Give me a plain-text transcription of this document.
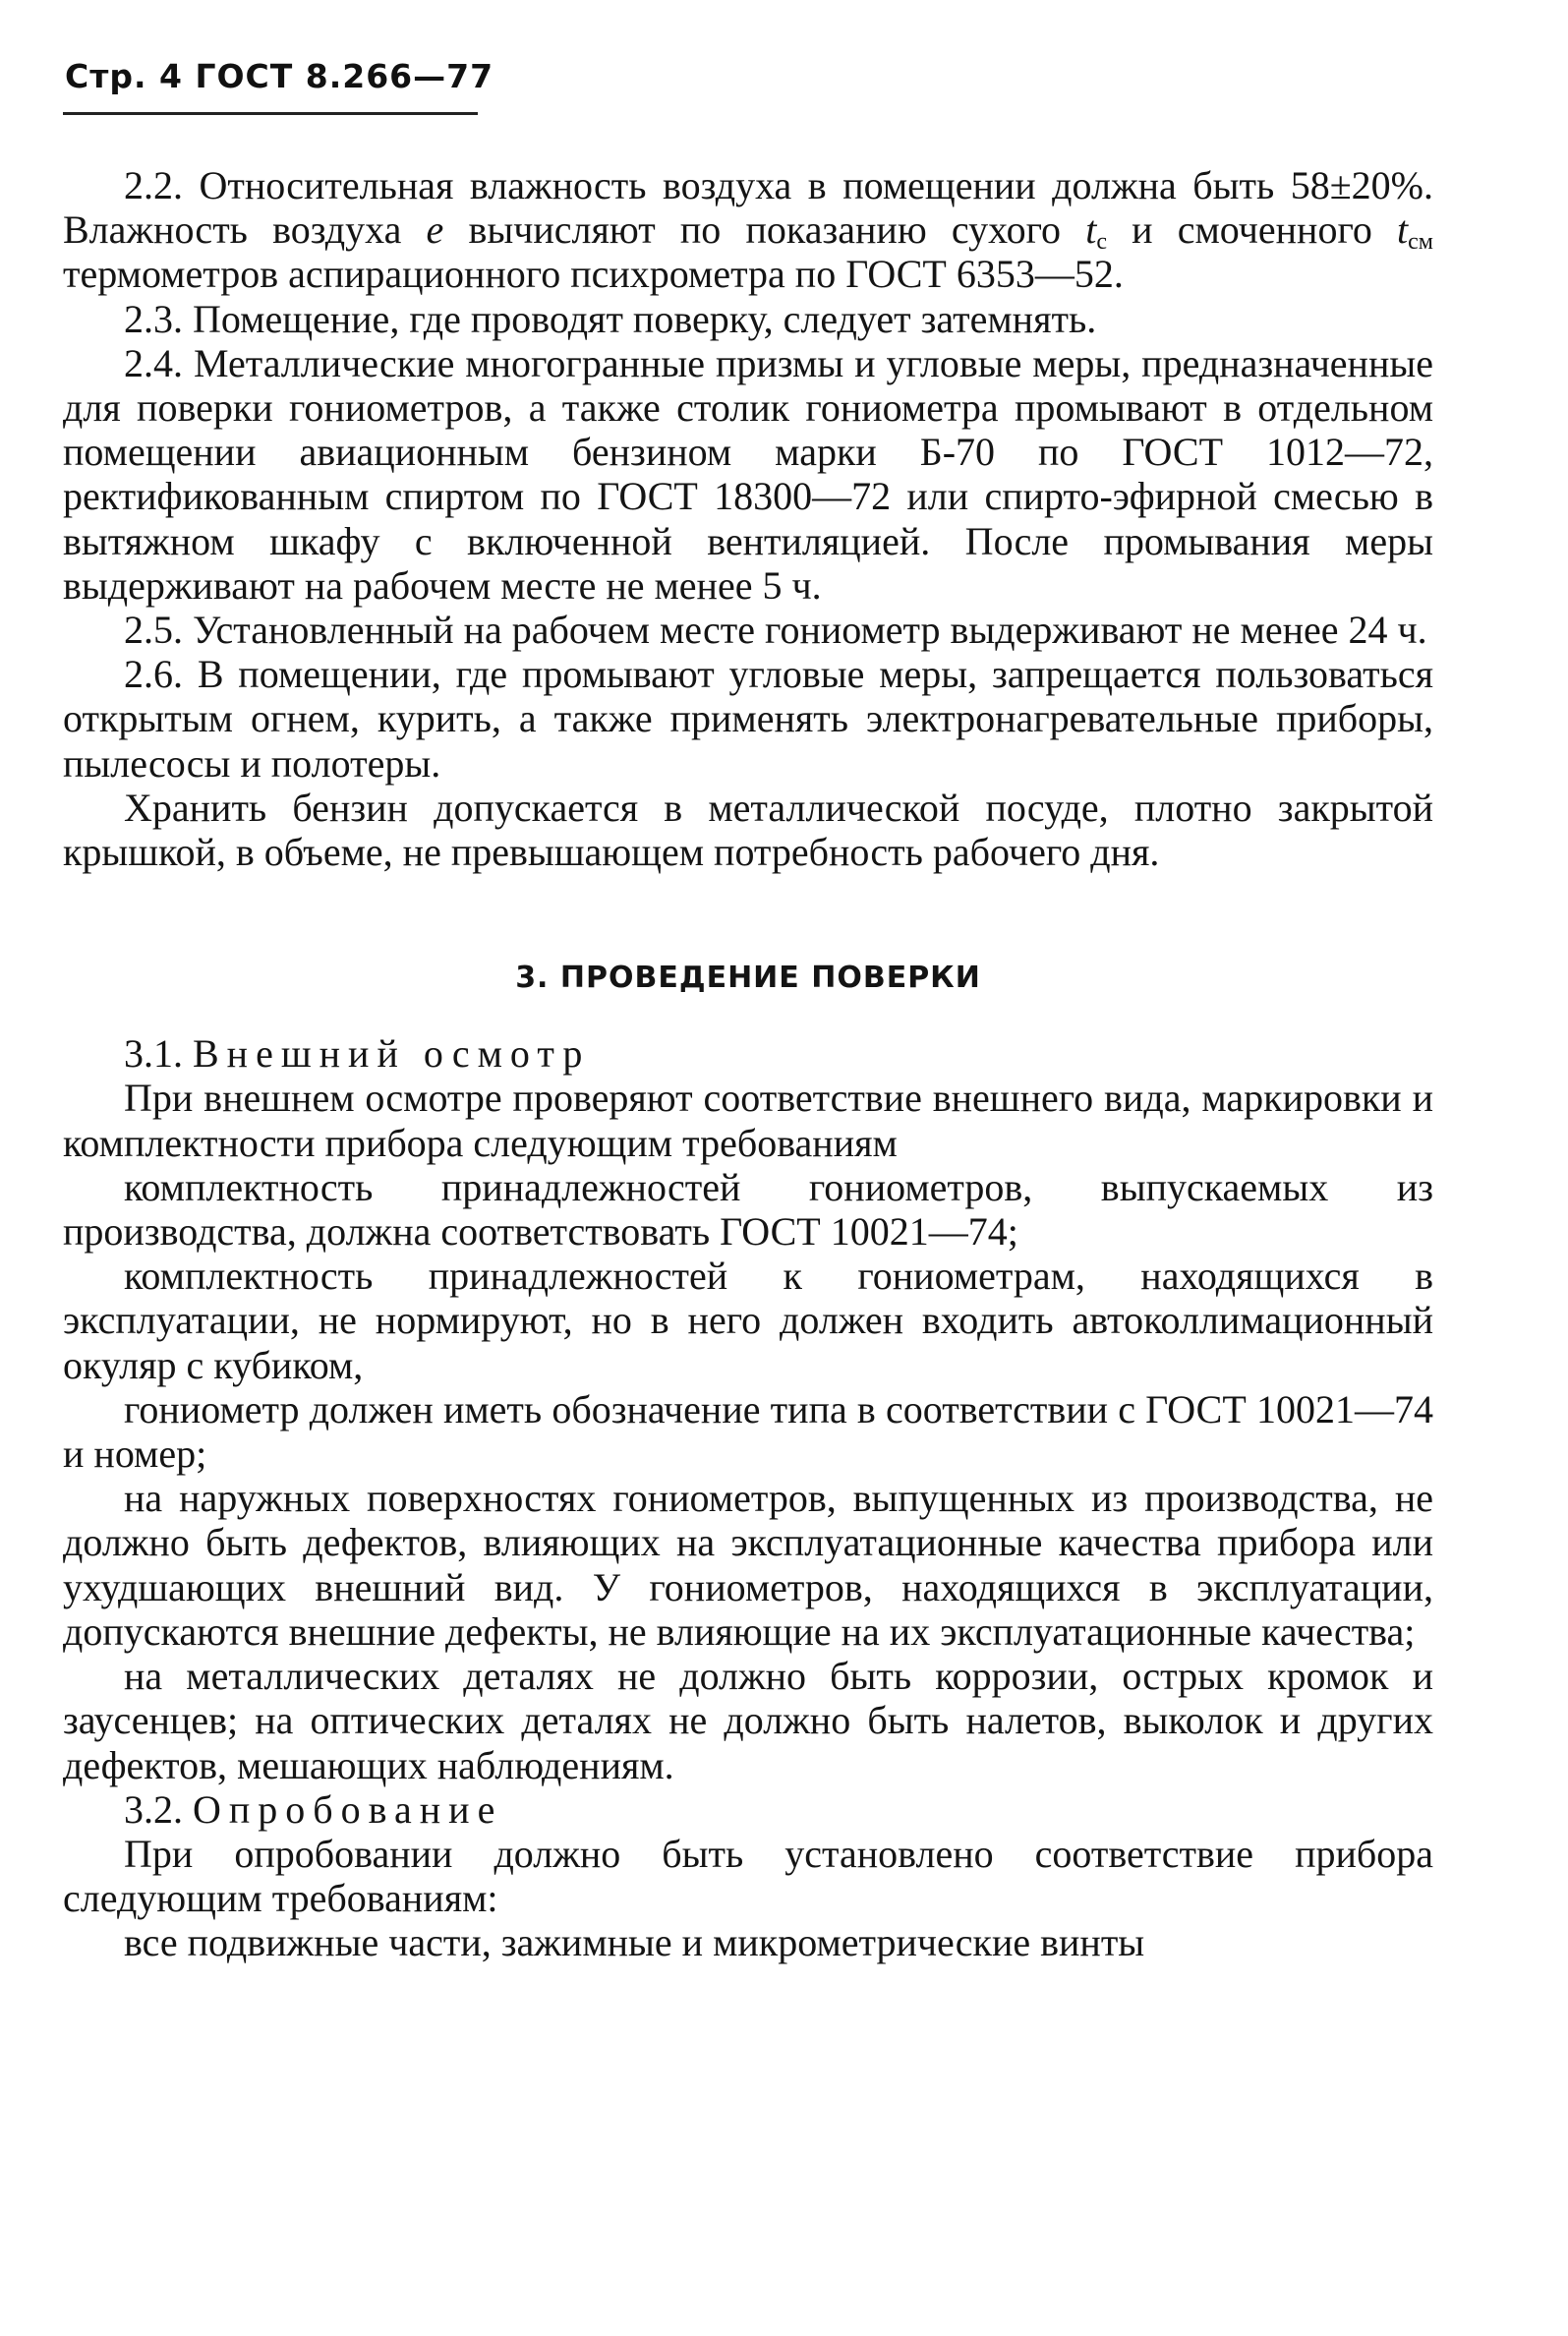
Стр. 4 ГОСТ 8.266—77

2.2. Относительная влажность воздуха в помещении должна быть 58±20%. Влажность воздуха e вычисляют по показанию сухого $t_с$ и смоченного $t_{см}$ термометров аспирационного психрометра по ГОСТ 6353—52.

2.3. Помещение, где проводят поверку, следует затемнять.

2.4. Металлические многогранные призмы и угловые меры, предназначенные для поверки гониометров, а также столик гониометра промывают в отдельном помещении авиационным бензином марки Б-70 по ГОСТ 1012—72, ректификованным спиртом по ГОСТ 18300—72 или спирто-эфирной смесью в вытяжном шкафу с включенной вентиляцией. После промывания меры выдерживают на рабочем месте не менее 5 ч.

2.5. Установленный на рабочем месте гониометр выдерживают не менее 24 ч.

2.6. В помещении, где промывают угловые меры, запрещается пользоваться открытым огнем, курить, а также применять электронагревательные приборы, пылесосы и полотеры.

Хранить бензин допускается в металлической посуде, плотно закрытой крышкой, в объеме, не превышающем потребность рабочего дня.

3. ПРОВЕДЕНИЕ ПОВЕРКИ

3.1. Внешний осмотр

При внешнем осмотре проверяют соответствие внешнего вида, маркировки и комплектности прибора следующим требованиям

комплектность принадлежностей гониометров, выпускаемых из производства, должна соответствовать ГОСТ 10021—74;

комплектность принадлежностей к гониометрам, находящихся в эксплуатации, не нормируют, но в него должен входить автоколлимационный окуляр с кубиком,

гониометр должен иметь обозначение типа в соответствии с ГОСТ 10021—74 и номер;

на наружных поверхностях гониометров, выпущенных из производства, не должно быть дефектов, влияющих на эксплуатационные качества прибора или ухудшающих внешний вид. У гониометров, находящихся в эксплуатации, допускаются внешние дефекты, не влияющие на их эксплуатационные качества;

на металлических деталях не должно быть коррозии, острых кромок и заусенцев; на оптических деталях не должно быть налетов, выколок и других дефектов, мешающих наблюдениям.

3.2. Опробование

При опробовании должно быть установлено соответствие прибора следующим требованиям:

все подвижные части, зажимные и микрометрические винты
